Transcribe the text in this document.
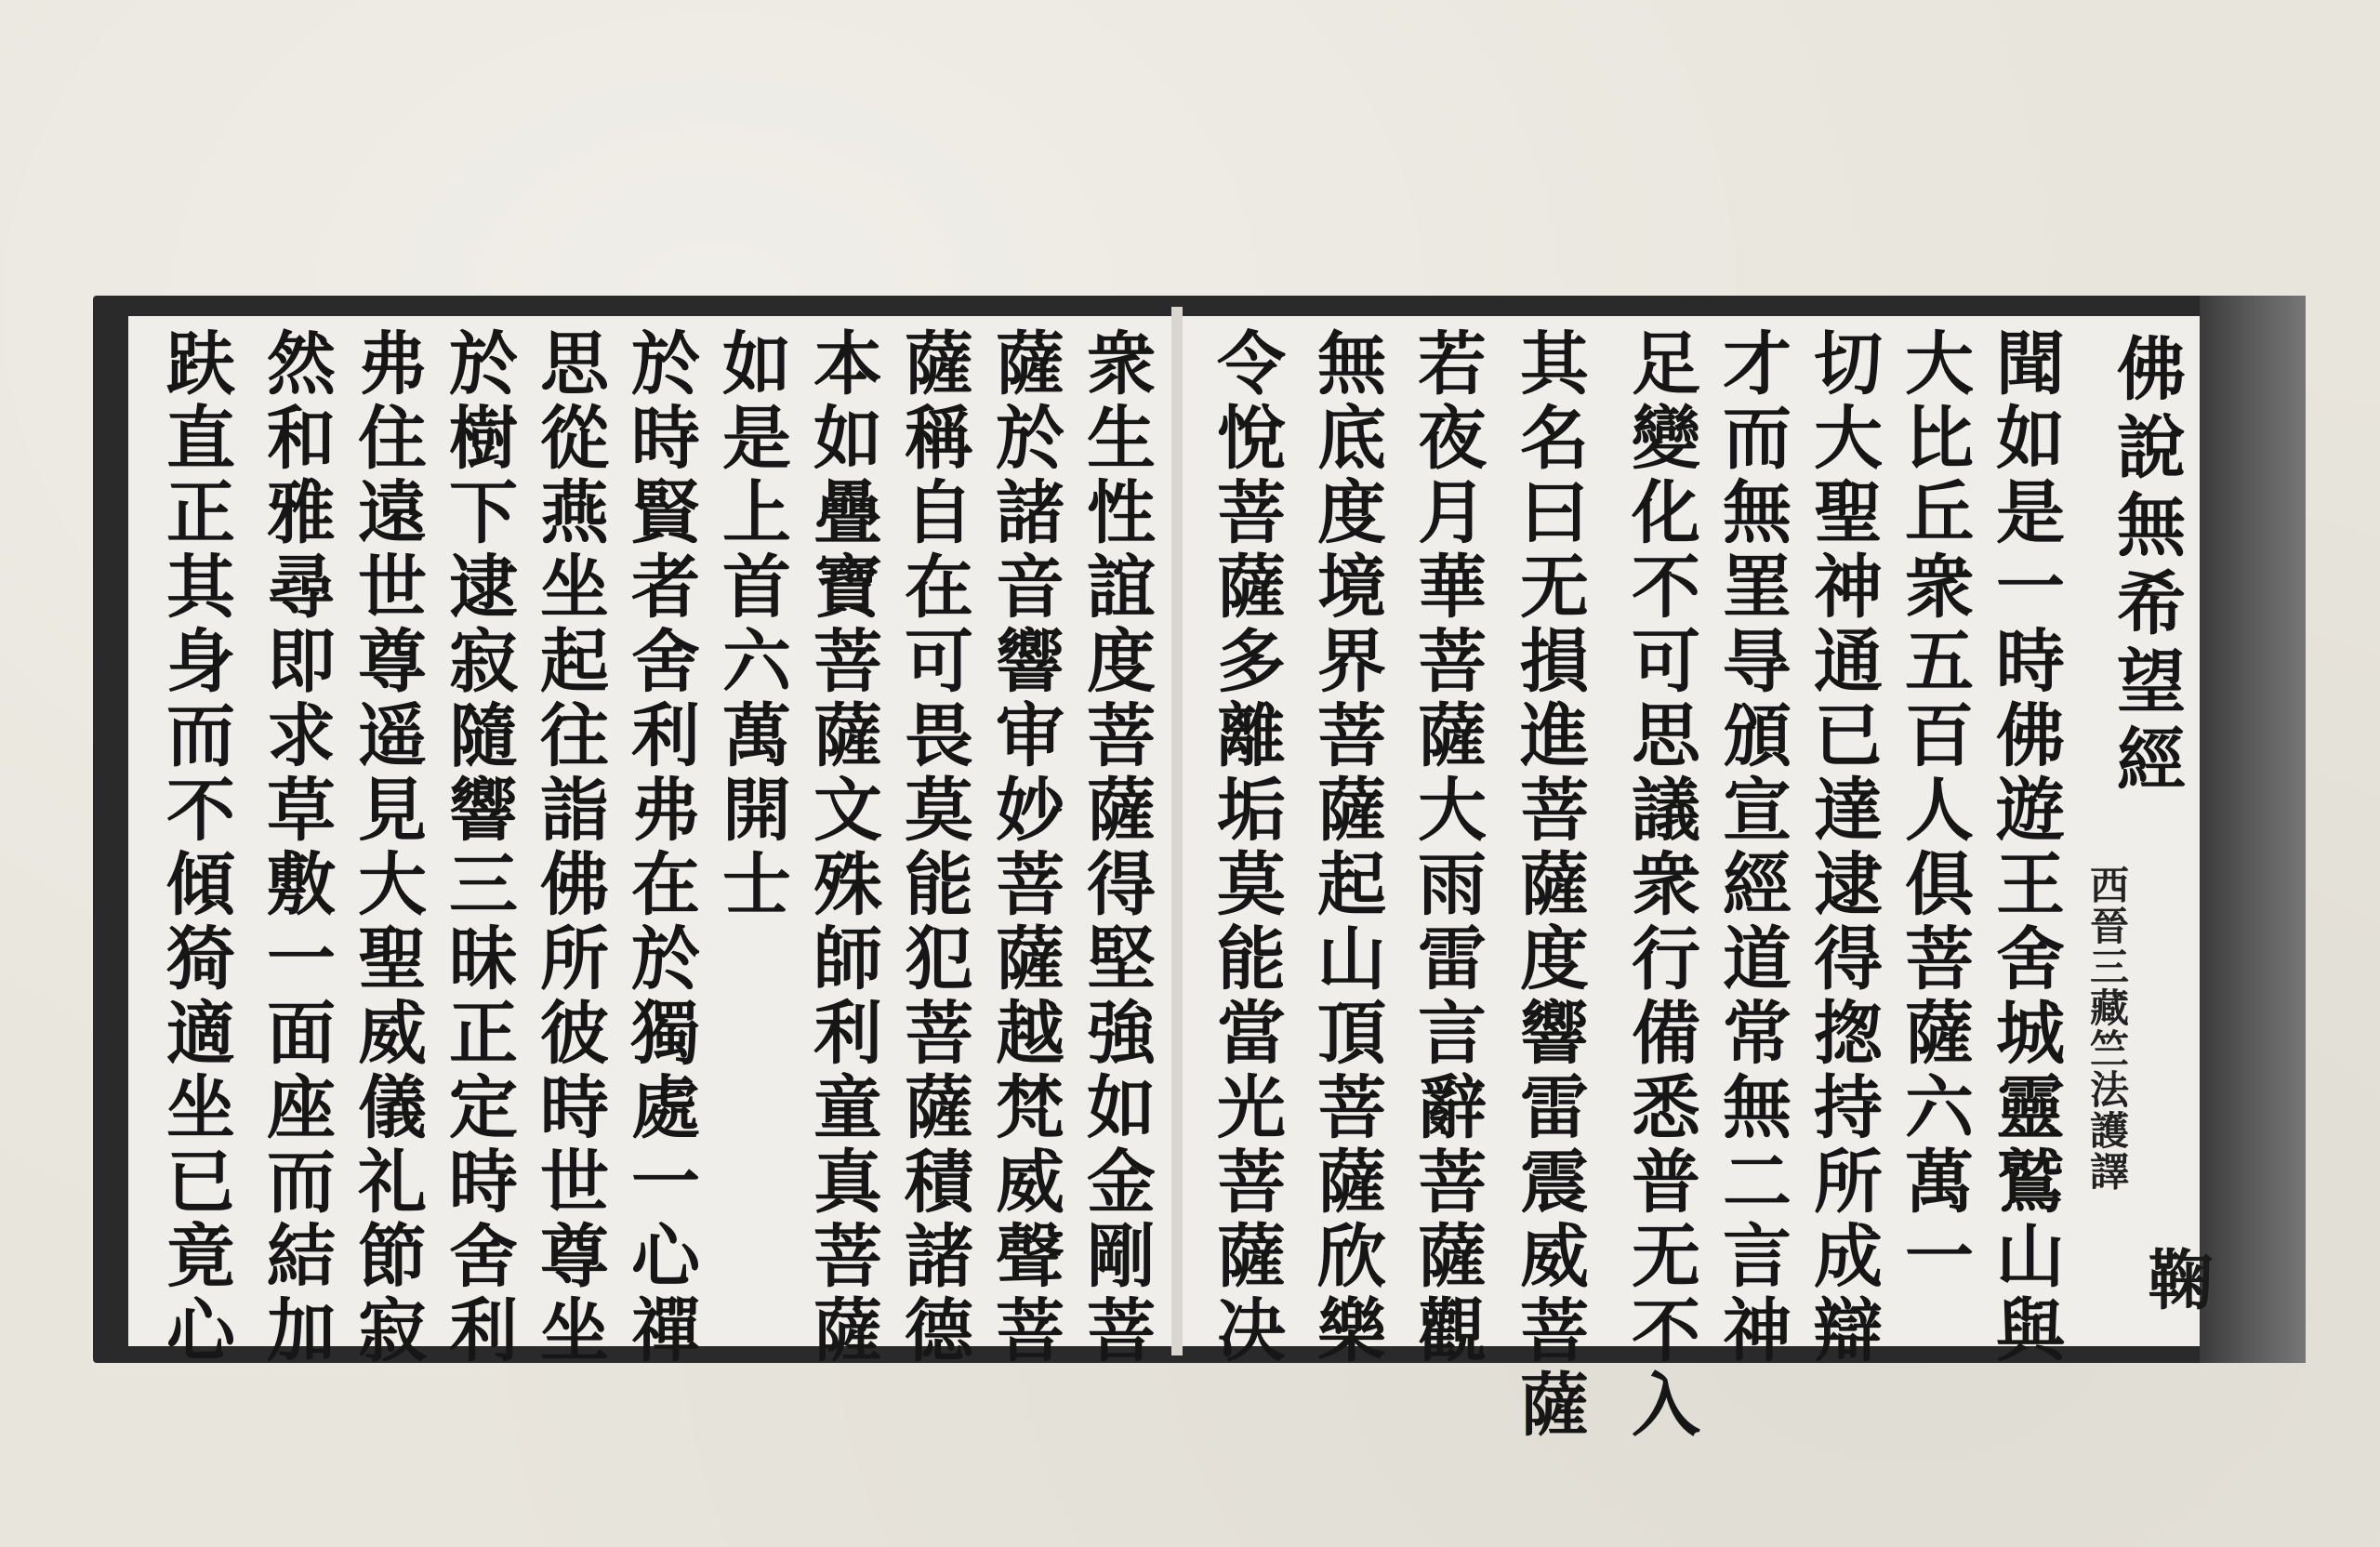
佛說無希望經
西晉三藏竺法護譯
鞠
聞如是一時佛遊王舍城靈鷲山與
大比丘衆五百人俱菩薩六萬一
切大聖神通已達逮得揔持所成辯
才而無罣㝵頒宣經道常無二言神
足變化不可思議衆行備悉普无不入
其名曰无損進菩薩度響雷震威菩薩
若夜月華菩薩大雨雷言辭菩薩觀
無底度境界菩薩起山頂菩薩欣樂
令悅菩薩多離垢莫能當光菩薩决
衆生性誼度菩薩得堅強如金剛菩
薩於諸音響审妙菩薩越梵威聲菩
薩稱自在可畏莫能犯菩薩積諸德
本如疊寶菩薩文殊師利童真菩薩
如是上首六萬開士
於時賢者舍利弗在於獨處一心禪
思從燕坐起往詣佛所彼時世尊坐
於樹下逮寂隨響三昧正定時舍利
弗住遠世尊遥見大聖威儀礼節寂
然和雅尋即求草敷一面座而結加
趺直正其身而不傾猗適坐已竟心
